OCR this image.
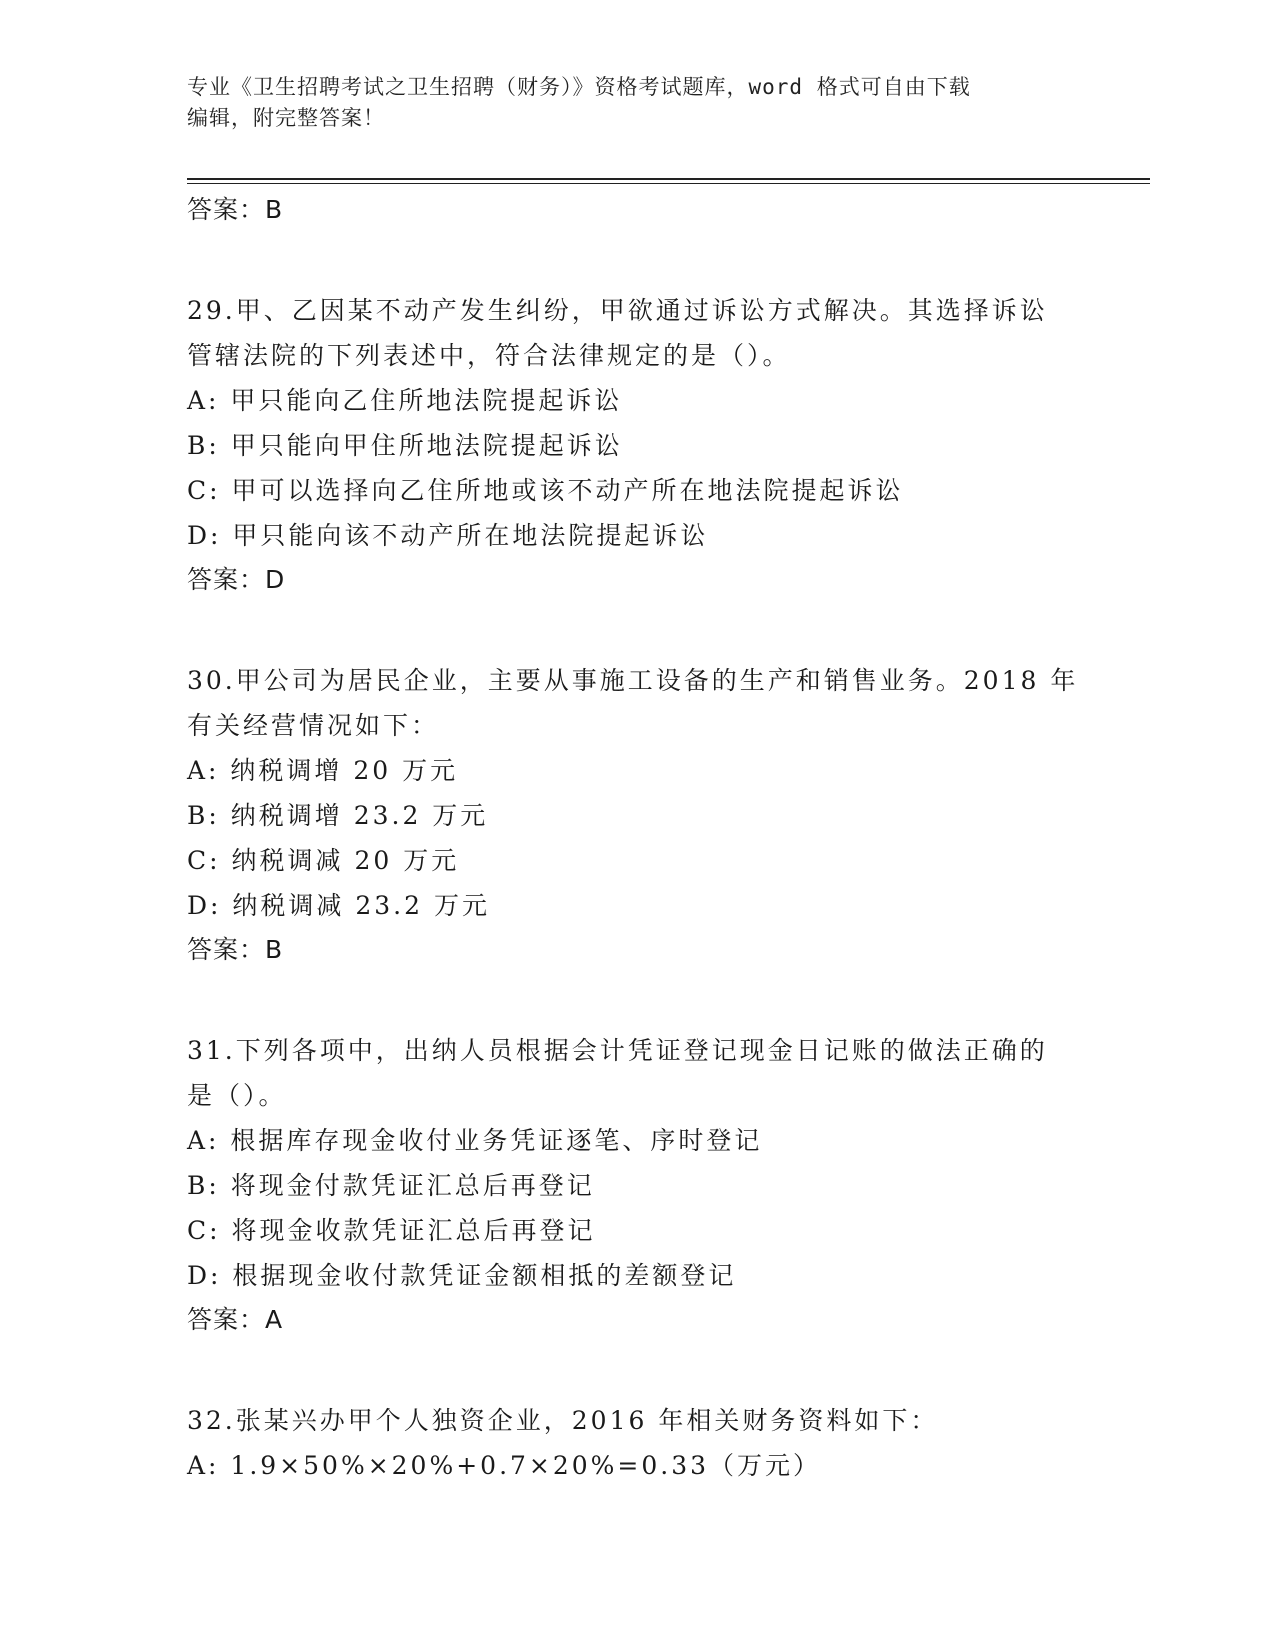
专业《卫生招聘考试之卫生招聘（财务）》资格考试题库，word 格式可自由下载
编辑，附完整答案！
答案：B
29.甲、乙因某不动产发生纠纷，甲欲通过诉讼方式解决。其选择诉讼
管辖法院的下列表述中，符合法律规定的是（）。
A: 甲只能向乙住所地法院提起诉讼
B: 甲只能向甲住所地法院提起诉讼
C: 甲可以选择向乙住所地或该不动产所在地法院提起诉讼
D: 甲只能向该不动产所在地法院提起诉讼
答案：D
30.甲公司为居民企业，主要从事施工设备的生产和销售业务。2018 年
有关经营情况如下：
A: 纳税调增 20 万元
B: 纳税调增 23.2 万元
C: 纳税调减 20 万元
D: 纳税调减 23.2 万元
答案：B
31.下列各项中，出纳人员根据会计凭证登记现金日记账的做法正确的
是（）。
A: 根据库存现金收付业务凭证逐笔、序时登记
B: 将现金付款凭证汇总后再登记
C: 将现金收款凭证汇总后再登记
D: 根据现金收付款凭证金额相抵的差额登记
答案：A
32.张某兴办甲个人独资企业，2016 年相关财务资料如下：
A: 1.9×50%×20%+0.7×20%=0.33（万元）
